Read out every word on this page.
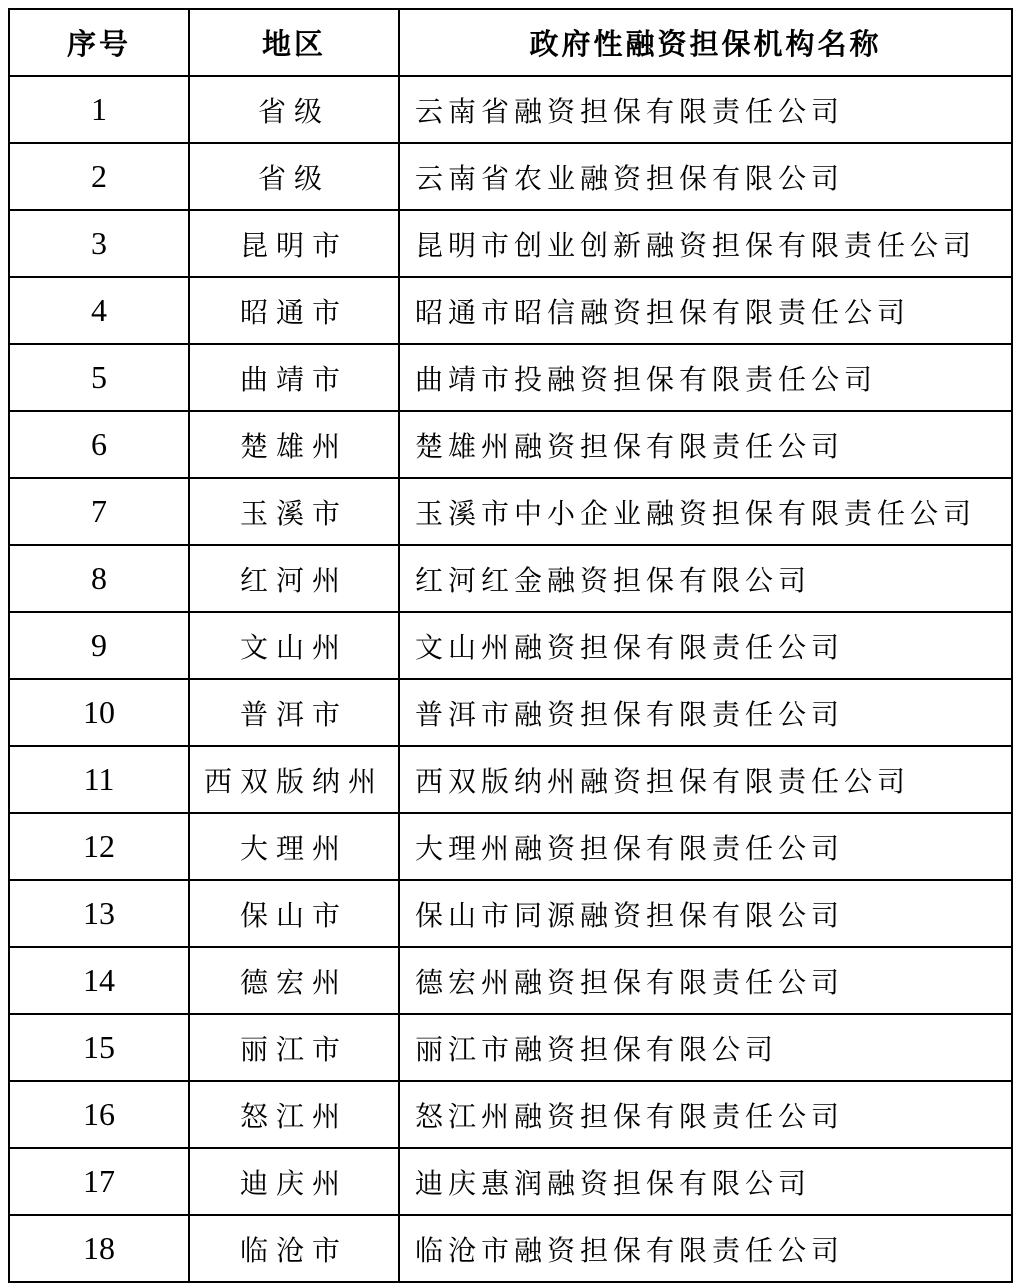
序号	地区	政府性融资担保机构名称
1	省级	云南省融资担保有限责任公司
2	省级	云南省农业融资担保有限公司
3	昆明市	昆明市创业创新融资担保有限责任公司
4	昭通市	昭通市昭信融资担保有限责任公司
5	曲靖市	曲靖市投融资担保有限责任公司
6	楚雄州	楚雄州融资担保有限责任公司
7	玉溪市	玉溪市中小企业融资担保有限责任公司
8	红河州	红河红金融资担保有限公司
9	文山州	文山州融资担保有限责任公司
10	普洱市	普洱市融资担保有限责任公司
11	西双版纳州	西双版纳州融资担保有限责任公司
12	大理州	大理州融资担保有限责任公司
13	保山市	保山市同源融资担保有限公司
14	德宏州	德宏州融资担保有限责任公司
15	丽江市	丽江市融资担保有限公司
16	怒江州	怒江州融资担保有限责任公司
17	迪庆州	迪庆惠润融资担保有限公司
18	临沧市	临沧市融资担保有限责任公司
